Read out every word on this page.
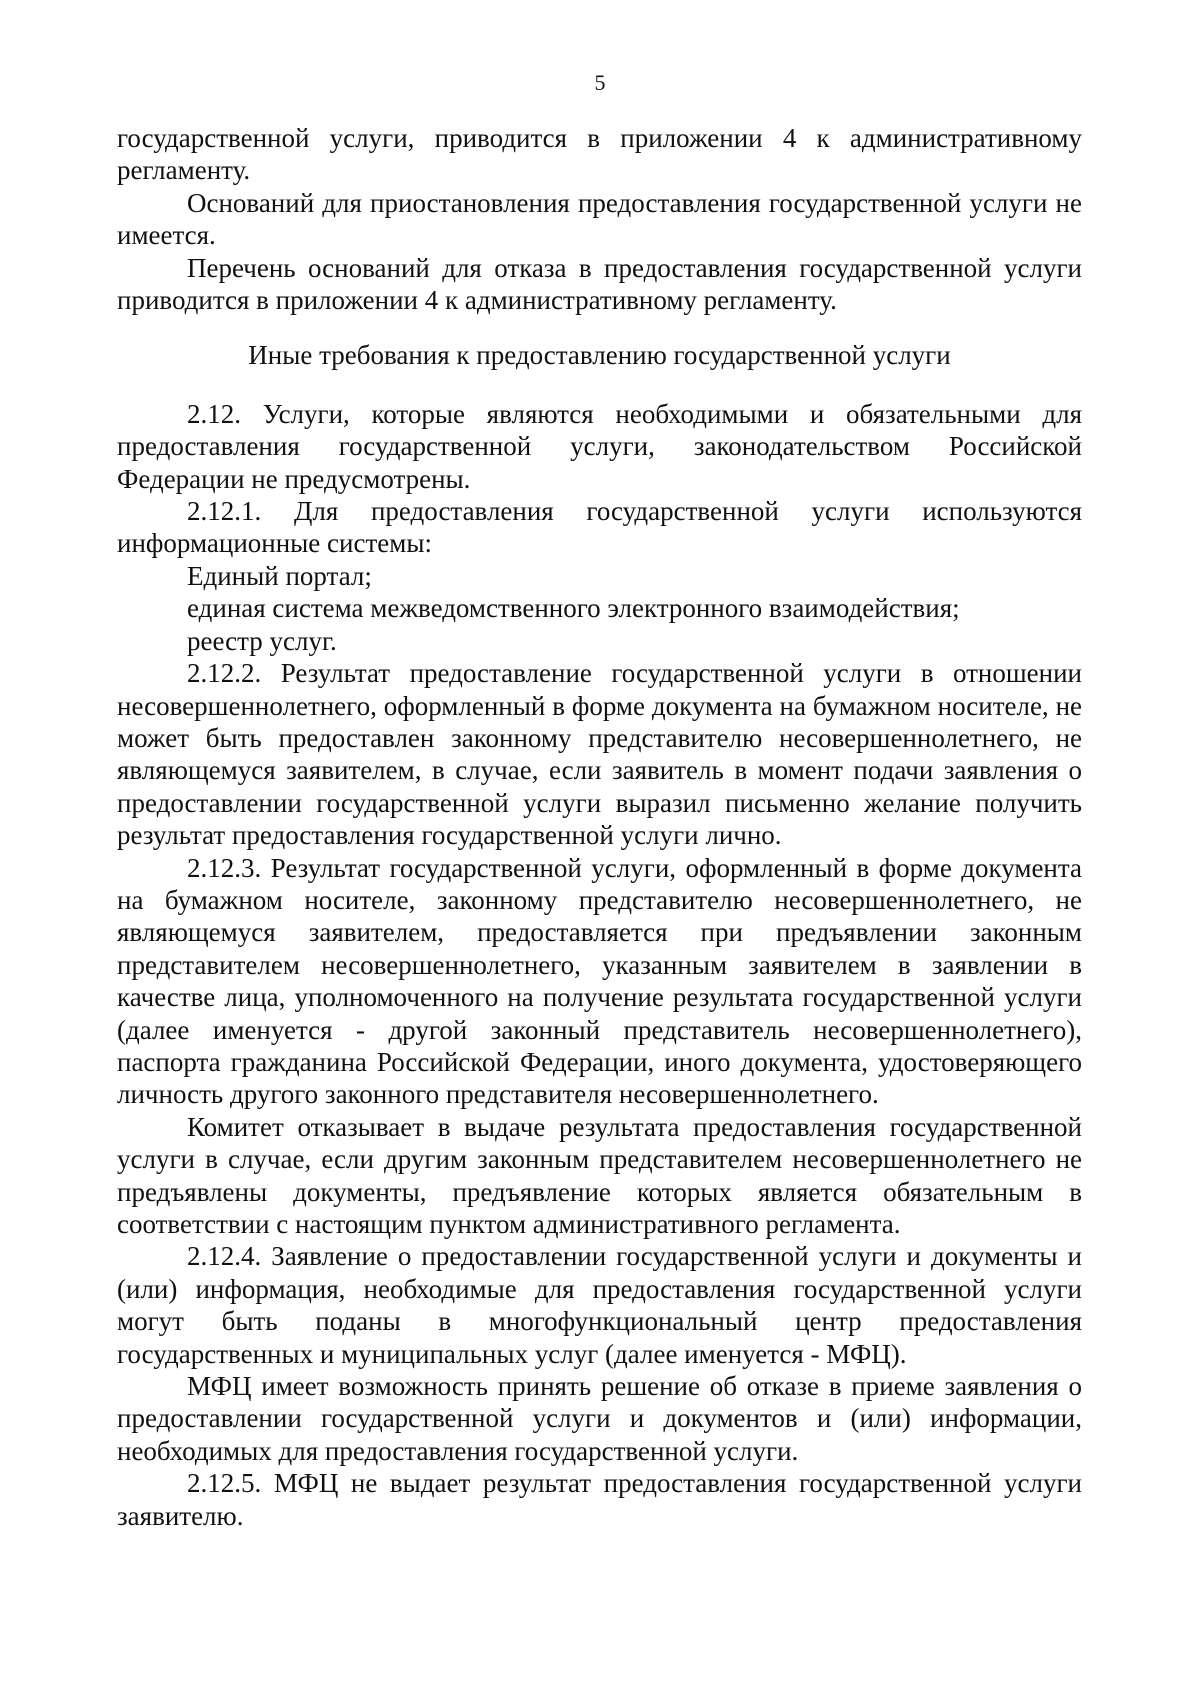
5

государственной услуги, приводится в приложении 4 к административному регламенту.

Оснований для приостановления предоставления государственной услуги не имеется.

Перечень оснований для отказа в предоставления государственной услуги приводится в приложении 4 к административному регламенту.

Иные требования к предоставлению государственной услуги

2.12. Услуги, которые являются необходимыми и обязательными для предоставления государственной услуги, законодательством Российской Федерации не предусмотрены.

2.12.1. Для предоставления государственной услуги используются информационные системы:

Единый портал;

единая система межведомственного электронного взаимодействия;

реестр услуг.

2.12.2. Результат предоставление государственной услуги в отношении несовершеннолетнего, оформленный в форме документа на бумажном носителе, не может быть предоставлен законному представителю несовершеннолетнего, не являющемуся заявителем, в случае, если заявитель в момент подачи заявления о предоставлении государственной услуги выразил письменно желание получить результат предоставления государственной услуги лично.

2.12.3. Результат государственной услуги, оформленный в форме документа на бумажном носителе, законному представителю несовершеннолетнего, не являющемуся заявителем, предоставляется при предъявлении законным представителем несовершеннолетнего, указанным заявителем в заявлении в качестве лица, уполномоченного на получение результата государственной услуги (далее именуется - другой законный представитель несовершеннолетнего), паспорта гражданина Российской Федерации, иного документа, удостоверяющего личность другого законного представителя несовершеннолетнего.

Комитет отказывает в выдаче результата предоставления государственной услуги в случае, если другим законным представителем несовершеннолетнего не предъявлены документы, предъявление которых является обязательным в соответствии с настоящим пунктом административного регламента.

2.12.4. Заявление о предоставлении государственной услуги и документы и (или) информация, необходимые для предоставления государственной услуги могут быть поданы в многофункциональный центр предоставления государственных и муниципальных услуг (далее именуется - МФЦ).

МФЦ имеет возможность принять решение об отказе в приеме заявления о предоставлении государственной услуги и документов и (или) информации, необходимых для предоставления государственной услуги.

2.12.5. МФЦ не выдает результат предоставления государственной услуги заявителю.
